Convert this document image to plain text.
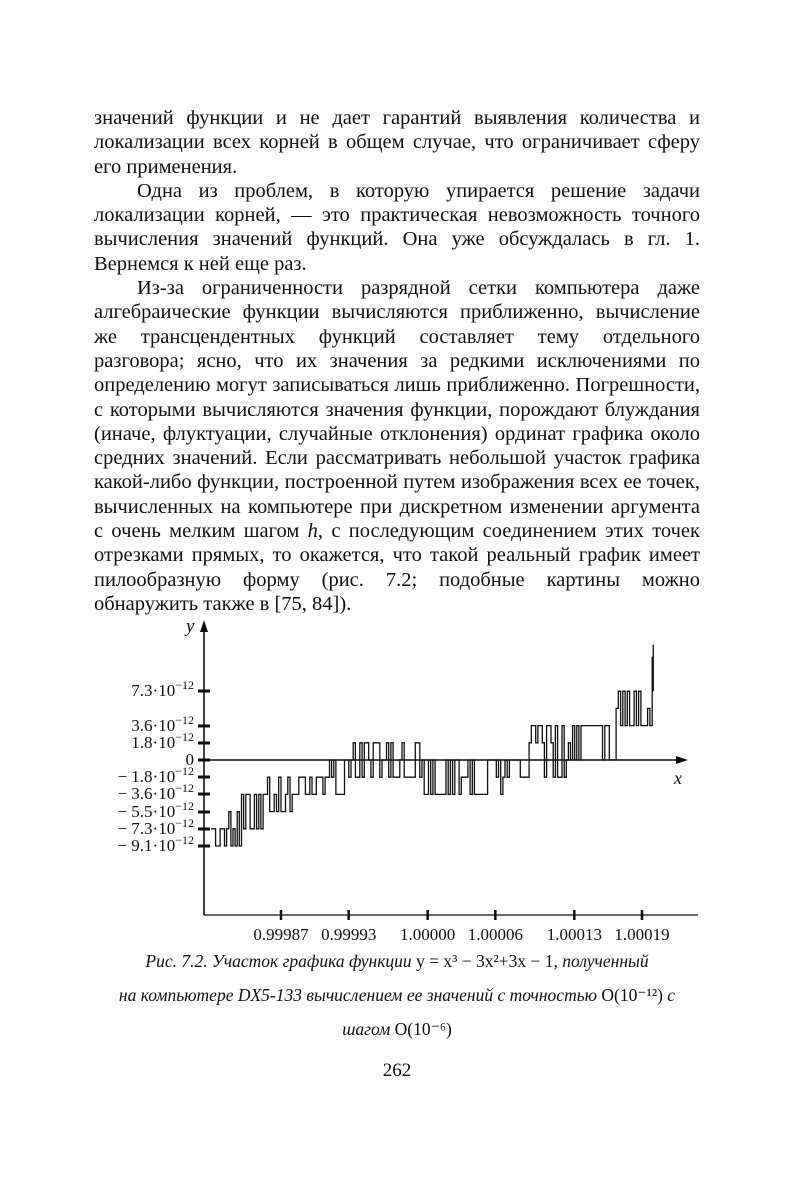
значений функции и не дает гарантий выявления количества и локализации всех корней в общем случае, что ограничивает сферу его применения.

Одна из проблем, в которую упирается решение задачи локализации корней, — это практическая невозможность точного вычисления значений функций. Она уже обсуждалась в гл. 1. Вернемся к ней еще раз.

Из-за ограниченности разрядной сетки компьютера даже алгебраические функции вычисляются приближенно, вычисление же трансцендентных функций составляет тему отдельного разговора; ясно, что их значения за редкими исключениями по определению могут записываться лишь приближенно. Погрешности, с которыми вычисляются значения функции, порождают блуждания (иначе, флуктуации, случайные отклонения) ординат графика около средних значений. Если рассматривать небольшой участок графика какой-либо функции, построенной путем изображения всех ее точек, вычисленных на компьютере при дискретном изменении аргумента с очень мелким шагом h, с последующим соединением этих точек отрезками прямых, то окажется, что такой реальный график имеет пилообразную форму (рис. 7.2; подобные картины можно обнаружить также в [75, 84]).

$7.3\cdot 10^{-12}$
$3.6\cdot 10^{-12}$
$1.8\cdot 10^{-12}$
0
− $1.8\cdot 10^{-12}$
− $3.6\cdot 10^{-12}$
− $5.5\cdot 10^{-12}$
− $7.3\cdot 10^{-12}$
− $9.1\cdot 10^{-12}$
0.99987 0.99993 1.00000 1.00006 1.00013 1.00019
x
y
Рис. 7.2. Участок графика функции y = x³ − 3x²+3x − 1, полученный
на компьютере DX5-133 вычислением ее значений с точностью O(10⁻¹²) с
шагом O(10⁻⁶)
262
